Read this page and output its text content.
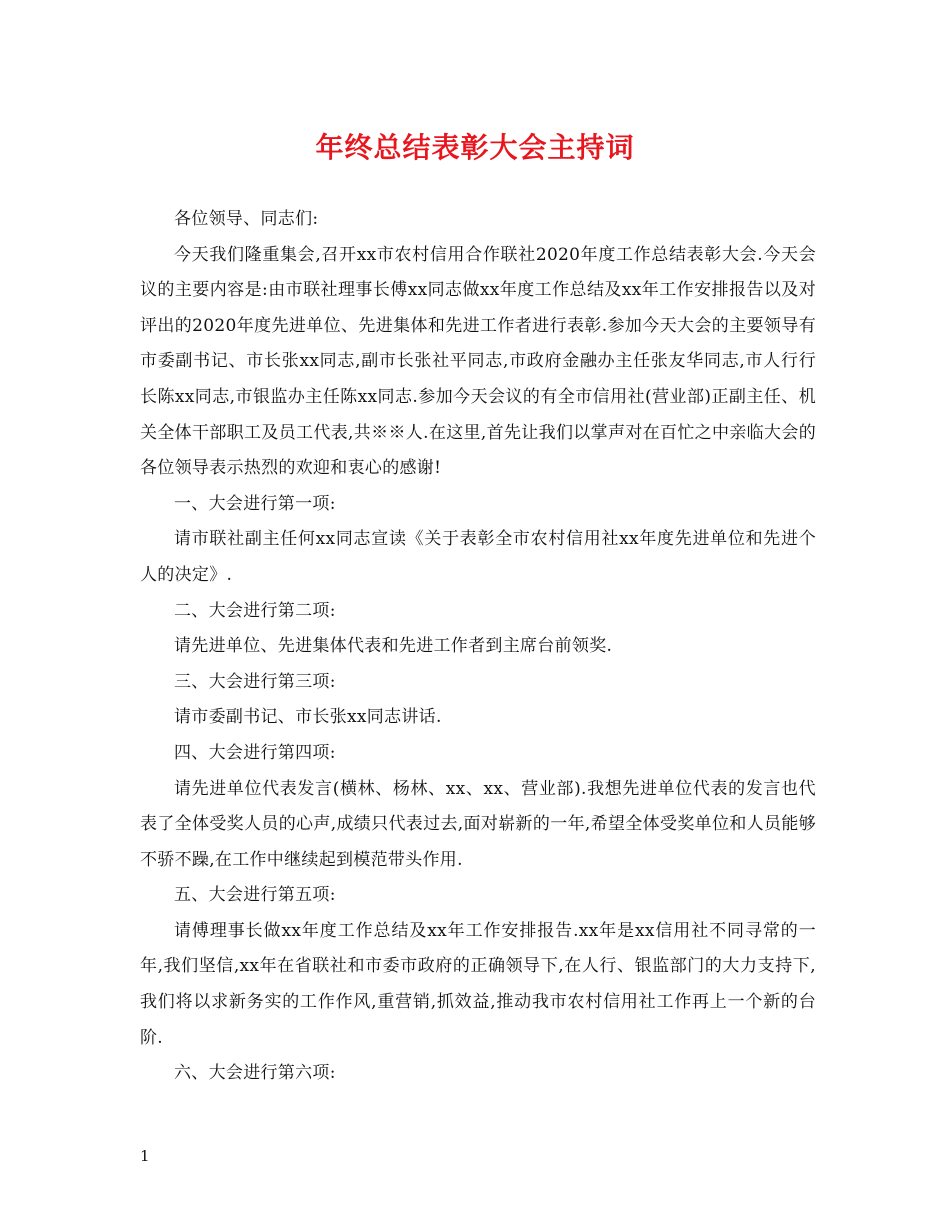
年终总结表彰大会主持词

各位领导、同志们:

今天我们隆重集会,召开xx市农村信用合作联社2020年度工作总结表彰大会.今天会议的主要内容是:由市联社理事长傅xx同志做xx年度工作总结及xx年工作安排报告以及对评出的2020年度先进单位、先进集体和先进工作者进行表彰.参加今天大会的主要领导有市委副书记、市长张xx同志,副市长张社平同志,市政府金融办主任张友华同志,市人行行长陈xx同志,市银监办主任陈xx同志.参加今天会议的有全市信用社(营业部)正副主任、机关全体干部职工及员工代表,共※※人.在这里,首先让我们以掌声对在百忙之中亲临大会的各位领导表示热烈的欢迎和衷心的感谢!

一、大会进行第一项:

请市联社副主任何xx同志宣读《关于表彰全市农村信用社xx年度先进单位和先进个人的决定》.

二、大会进行第二项:

请先进单位、先进集体代表和先进工作者到主席台前领奖.

三、大会进行第三项:

请市委副书记、市长张xx同志讲话.

四、大会进行第四项:

请先进单位代表发言(横林、杨林、xx、xx、营业部).我想先进单位代表的发言也代表了全体受奖人员的心声,成绩只代表过去,面对崭新的一年,希望全体受奖单位和人员能够不骄不躁,在工作中继续起到模范带头作用.

五、大会进行第五项:

请傅理事长做xx年度工作总结及xx年工作安排报告.xx年是xx信用社不同寻常的一年,我们坚信,xx年在省联社和市委市政府的正确领导下,在人行、银监部门的大力支持下,我们将以求新务实的工作作风,重营销,抓效益,推动我市农村信用社工作再上一个新的台阶.

六、大会进行第六项:

1
